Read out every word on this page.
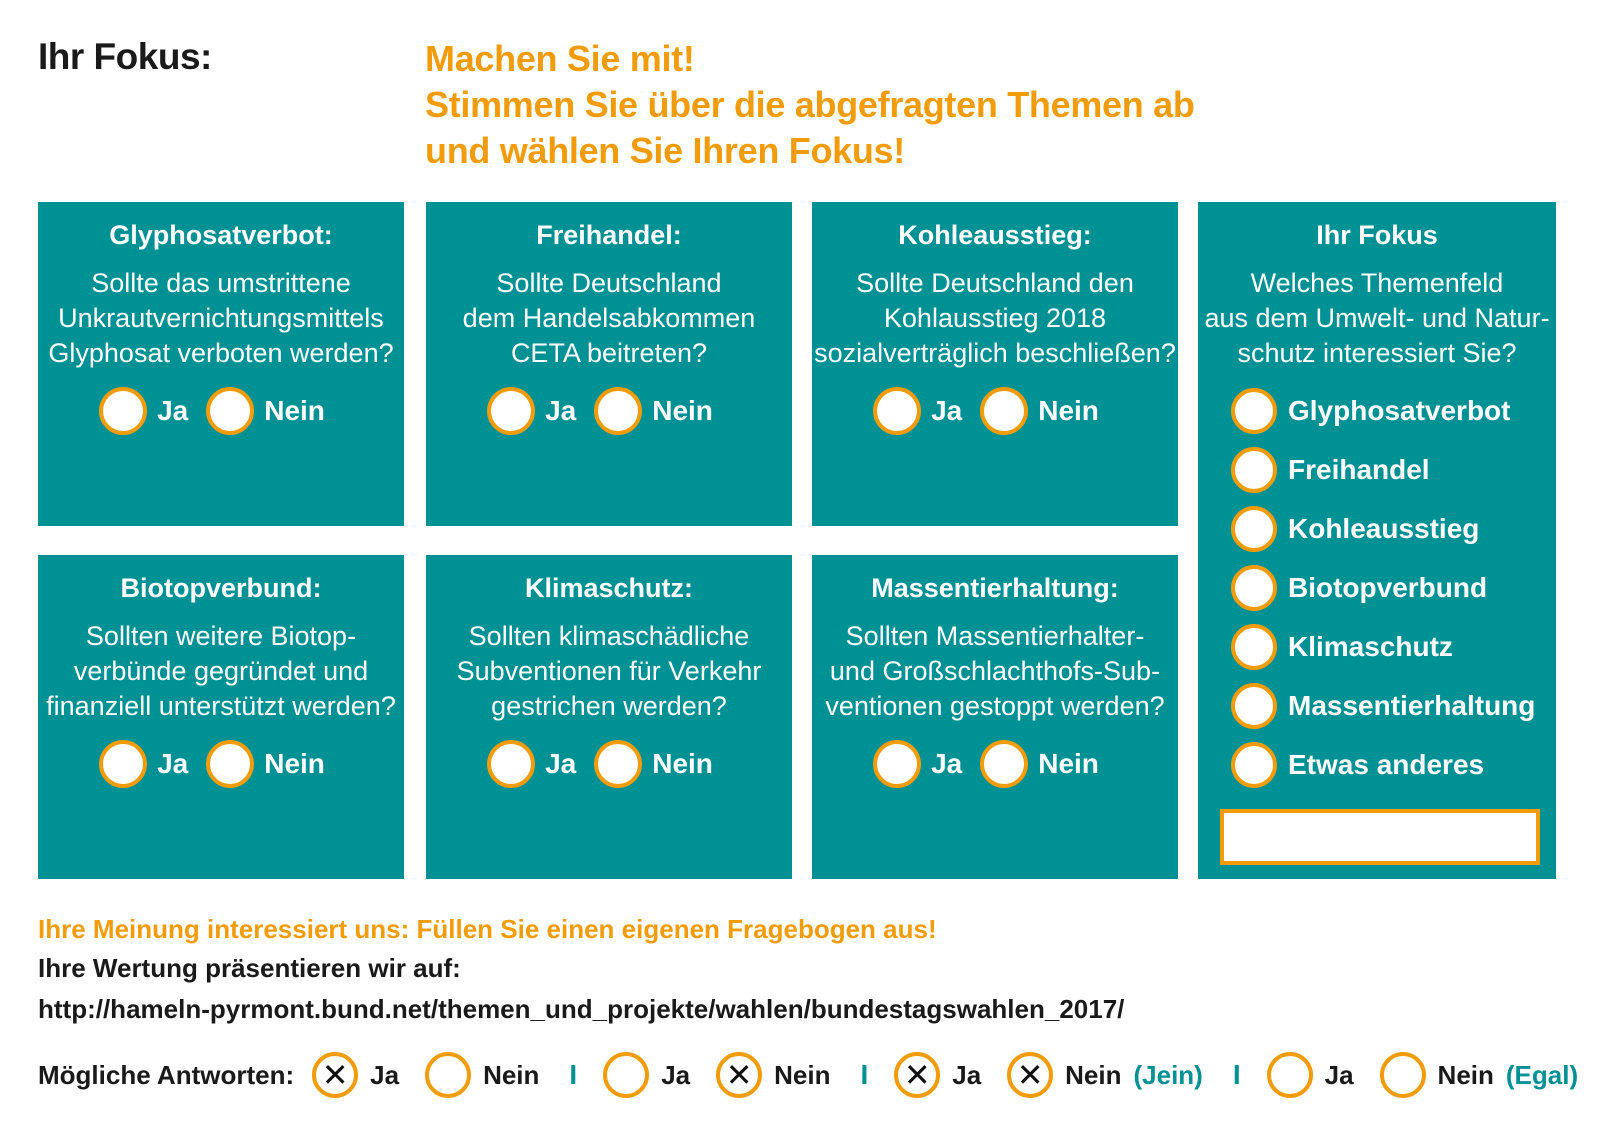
Ihr Fokus:	Machen Sie mit!
Stimmen Sie über die abgefragten Themen ab
und wählen Sie Ihren Fokus!
Glyphosatverbot:
Sollte das umstrittene
Unkrautvernichtungsmittels
Glyphosat verboten werden?
Ja	Nein
Freihandel:
Sollte Deutschland
dem Handelsabkommen
CETA beitreten?
Ja	Nein
Kohleausstieg:
Sollte Deutschland den
Kohlausstieg 2018
sozialverträglich beschließen?
Ja	Nein
Biotopverbund:
Sollten weitere Biotop-
verbünde gegründet und
finanziell unterstützt werden?
Ja	Nein
Klimaschutz:
Sollten klimaschädliche
Subventionen für Verkehr
gestrichen werden?
Ja	Nein
Massentierhaltung:
Sollten Massentierhalter-
und Großschlachthofs-Sub-
ventionen gestoppt werden?
Ja	Nein
Ihr Fokus
Welches Themenfeld
aus dem Umwelt- und Natur-
schutz interessiert Sie?
Glyphosatverbot
Freihandel
Kohleausstieg
Biotopverbund
Klimaschutz
Massentierhaltung
Etwas anderes
Ihre Meinung interessiert uns: Füllen Sie einen eigenen Fragebogen aus!
Ihre Wertung präsentieren wir auf:
http://hameln-pyrmont.bund.net/themen_und_projekte/wahlen/bundestagswahlen_2017/
Mögliche Antworten: ✕ Ja	Nein I	Ja ✕ Nein I ✕ Ja ✕ Nein (Jein) I	Ja	Nein (Egal)
